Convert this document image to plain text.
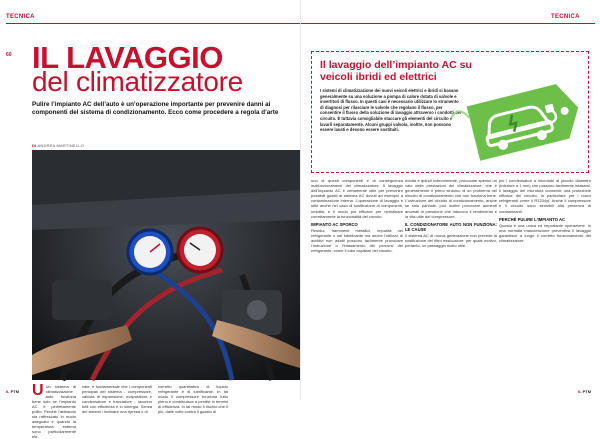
TECNICA
60 IL LAVAGGIO
del climatizzatore
Pulire l’impianto AC dell’auto è un’operazione importante per prevenire danni ai componenti del sistema di condizionamento. Ecco come procedere a regola d’arte
DI ANDREA MARTINELLO
U Un sistema di climatizzazione auto funziona bene solo se l’impianto AC è perfettamente pulito. Perché l’abitacolo sia raffrescato in modo adeguato e quando la temperatura esterna sono particolarmente ele-
vate, è fondamentale che i componenti principali del sistema - compressore, valvola di espansione, evaporatore e condensatore e tracciature - lavorino tutti con efficienza e in sinergia. Senza dei sistemi i inclinare una ripresa o di
corretto quantitativo di liquido refrigerante e di lubrificante. In tal modo il compressore funziona tutto pieno e contribuisce a perdite in termini di efficienza. In tal modo il rischio che il più, dalle volte contra il guasto di
IL PTM
TECNICA
Il lavaggio dell’impianto AC su veicoli ibridi ed elettrici
I sistemi di climatizzazione dei nuovi veicoli elettrici e ibridi si basano generalmente su una soluzione a pompa di calore dotata di valvole e invertitori di flusso. In questi casi è necessario utilizzare lo strumento di diagnosi per rilasciare le valvole che regolano il flusso, per consentire il flusso della soluzione di lavaggio attraverso i condotti del circuito. È tuttavia consigliabile staccare gli elementi del circuito e lavarli separatamente. Alcuni gruppi valvola, inoltre, non possono essere lavati e devono essere sostituiti.
uno di questi componenti e di conseguenza malfunzionamenti del climatizzatore. Il lavaggio dell’impianto AC è certamente utile per prevenire possibili guasti al sistema AC dovuti ad esempio a contaminazione interna. L’operazione di lavaggio è utile anche nel caso di sostituzione di componenti, umidità, e il modo più efficace per ripristinare correttamente la funzionalità del circuito.
IMPIANTO AC SPORCO
Residui, frammenti metallici, impurità nel refrigerante o nel lubrificante ma anche l’utilizzo di additivi non adatti possono facilmente provocare l’ostruzione o l’intasamento dei percorsi del refrigerante, come il tubo capillare del circuito.
ridotta e quindi notevolmente, provocare spesso un calo delle prestazioni del climatizzatore, che è generalmente il primo sintomo di un problema nel circuito di condizionamento che non funziona bene. L’ostruzione del circuito di condizionamento, anche se solo parziale, può inoltre provocare aumenti anomali di pressione che riducono il rendimento e la vita utile del compressore.
IL CONDIZIONATORE AUTO NON FUNZIONA: LE CAUSE
Il sistema AC di nuova generazione non prevede la sostituzione del filtro essiccatore: per quale motivo, pertanto, un passaggio molto utile.
più i condensatori a microtubi di piccolo diametro (inferiore a 1 mm) che possono facilmente intasarsi. Il lavaggio dei microtubi consente una protezione efficace del circuito, in particolare per i nuovi refrigeranti come il R1234yf. Anche il compressore e il circuito sono sensibili alla presenza di contaminanti.
PERCHÉ PULIRE L’IMPIANTO AC
Questa è una unica ed importante operazione. In una normale manutenzione preventiva il lavaggio garantisce a lungo il corretto funzionamento del climatizzatore.
IL PTM
